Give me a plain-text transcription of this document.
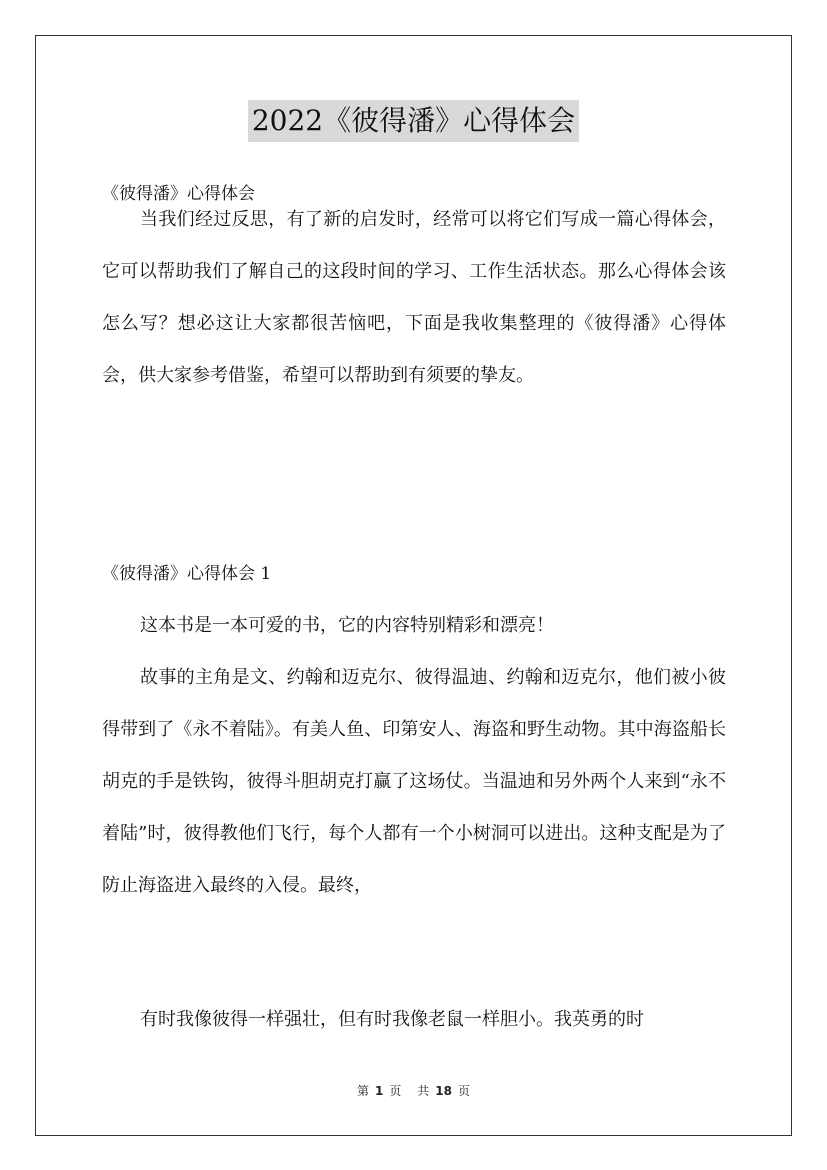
2022《彼得潘》心得体会

《彼得潘》心得体会

当我们经过反思，有了新的启发时，经常可以将它们写成一篇心得体会，它可以帮助我们了解自己的这段时间的学习、工作生活状态。那么心得体会该怎么写？想必这让大家都很苦恼吧，下面是我收集整理的《彼得潘》心得体会，供大家参考借鉴，希望可以帮助到有须要的挚友。

《彼得潘》心得体会 1

这本书是一本可爱的书，它的内容特别精彩和漂亮！

故事的主角是文、约翰和迈克尔、彼得温迪、约翰和迈克尔，他们被小彼得带到了《永不着陆》。有美人鱼、印第安人、海盗和野生动物。其中海盗船长胡克的手是铁钩，彼得斗胆胡克打赢了这场仗。当温迪和另外两个人来到“永不着陆”时，彼得教他们飞行，每个人都有一个小树洞可以进出。这种支配是为了防止海盗进入最终的入侵。最终，

有时我像彼得一样强壮，但有时我像老鼠一样胆小。我英勇的时

第 1 页 共 18 页
